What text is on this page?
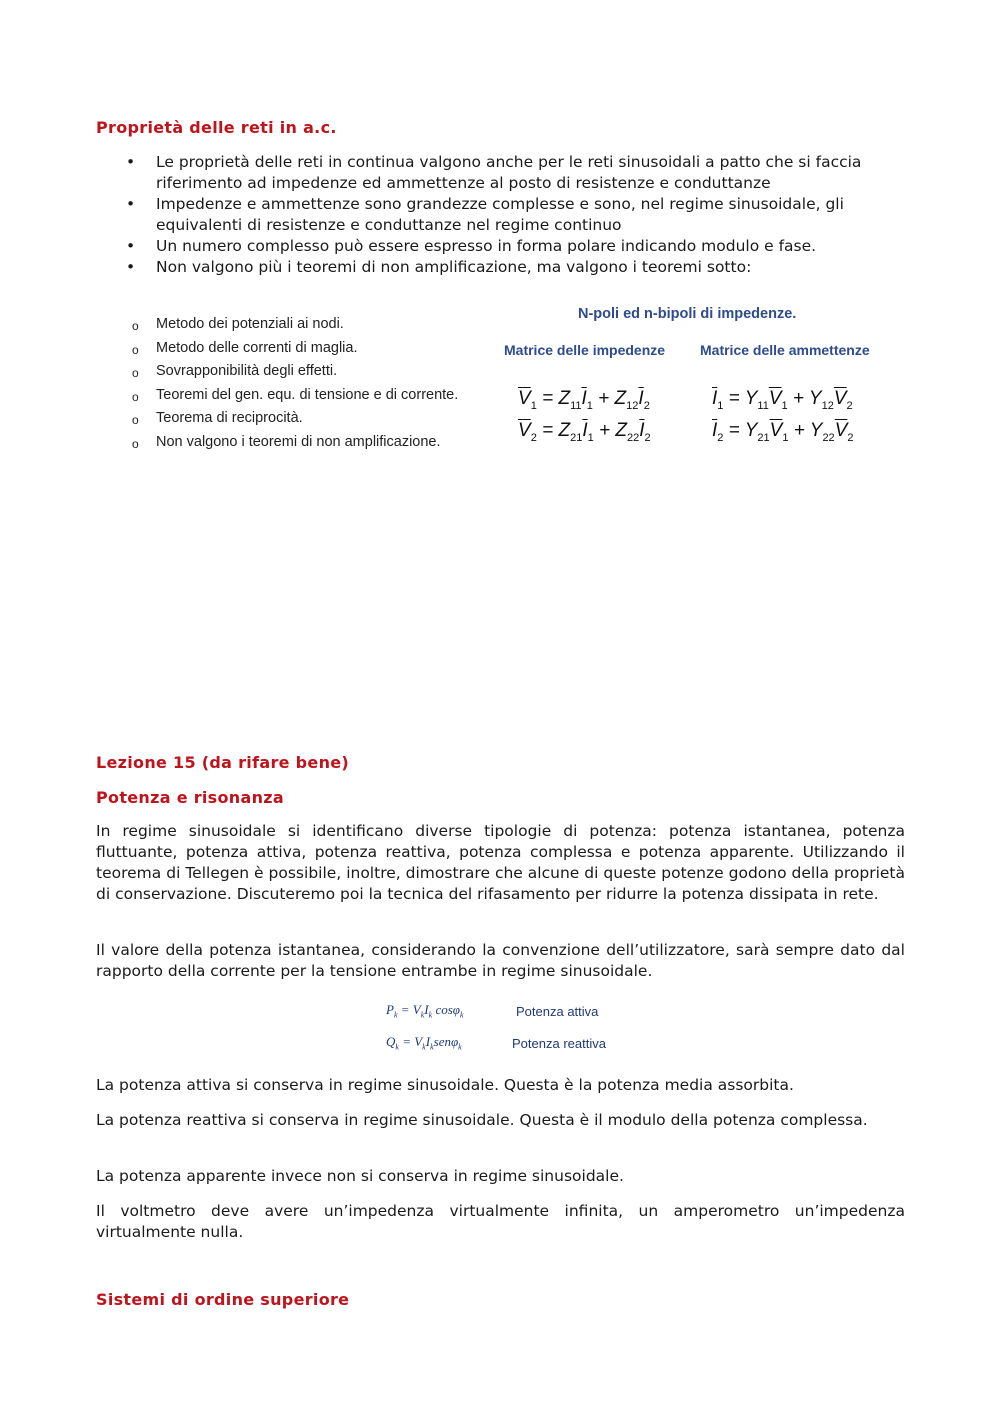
Proprietà delle reti in a.c.
• Le proprietà delle reti in continua valgono anche per le reti sinusoidali a patto che si faccia riferimento ad impedenze ed ammettenze al posto di resistenze e conduttanze
• Impedenze e ammettenze sono grandezze complesse e sono, nel regime sinusoidale, gli equivalenti di resistenze e conduttanze nel regime continuo
• Un numero complesso può essere espresso in forma polare indicando modulo e fase.
• Non valgono più i teoremi di non amplificazione, ma valgono i teoremi sotto:
o Metodo dei potenziali ai nodi.
o Metodo delle correnti di maglia.
o Sovrapponibilità degli effetti.
o Teoremi del gen. equ. di tensione e di corrente.
o Teorema di reciprocità.
o Non valgono i teoremi di non amplificazione.
N-poli ed n-bipoli di impedenze.
Matrice delle impedenze Matrice delle ammettenze
$\overline{V}_1 = Z_{11}\overline{I}_1 + Z_{12}\overline{I}_2$
$\overline{V}_2 = Z_{21}\overline{I}_1 + Z_{22}\overline{I}_2$
$\overline{I}_1 = Y_{11}\overline{V}_1 + Y_{12}\overline{V}_2$
$\overline{I}_2 = Y_{21}\overline{V}_1 + Y_{22}\overline{V}_2$
Lezione 15 (da rifare bene)
Potenza e risonanza

In regime sinusoidale si identificano diverse tipologie di potenza: potenza istantanea, potenza fluttuante, potenza attiva, potenza reattiva, potenza complessa e potenza apparente. Utilizzando il teorema di Tellegen è possibile, inoltre, dimostrare che alcune di queste potenze godono della proprietà di conservazione. Discuteremo poi la tecnica del rifasamento per ridurre la potenza dissipata in rete.

Il valore della potenza istantanea, considerando la convenzione dell’utilizzatore, sarà sempre dato dal rapporto della corrente per la tensione entrambe in regime sinusoidale.

$P_k = V_kI_k$ cosφ$_k$	Potenza attiva
$Q_k = V_kI_ksen\varphi_k$	Potenza reattiva

La potenza attiva si conserva in regime sinusoidale. Questa è la potenza media assorbita.

La potenza reattiva si conserva in regime sinusoidale. Questa è il modulo della potenza complessa.

La potenza apparente invece non si conserva in regime sinusoidale.

Il voltmetro deve avere un’impedenza virtualmente infinita, un amperometro un’impedenza virtualmente nulla.

Sistemi di ordine superiore
